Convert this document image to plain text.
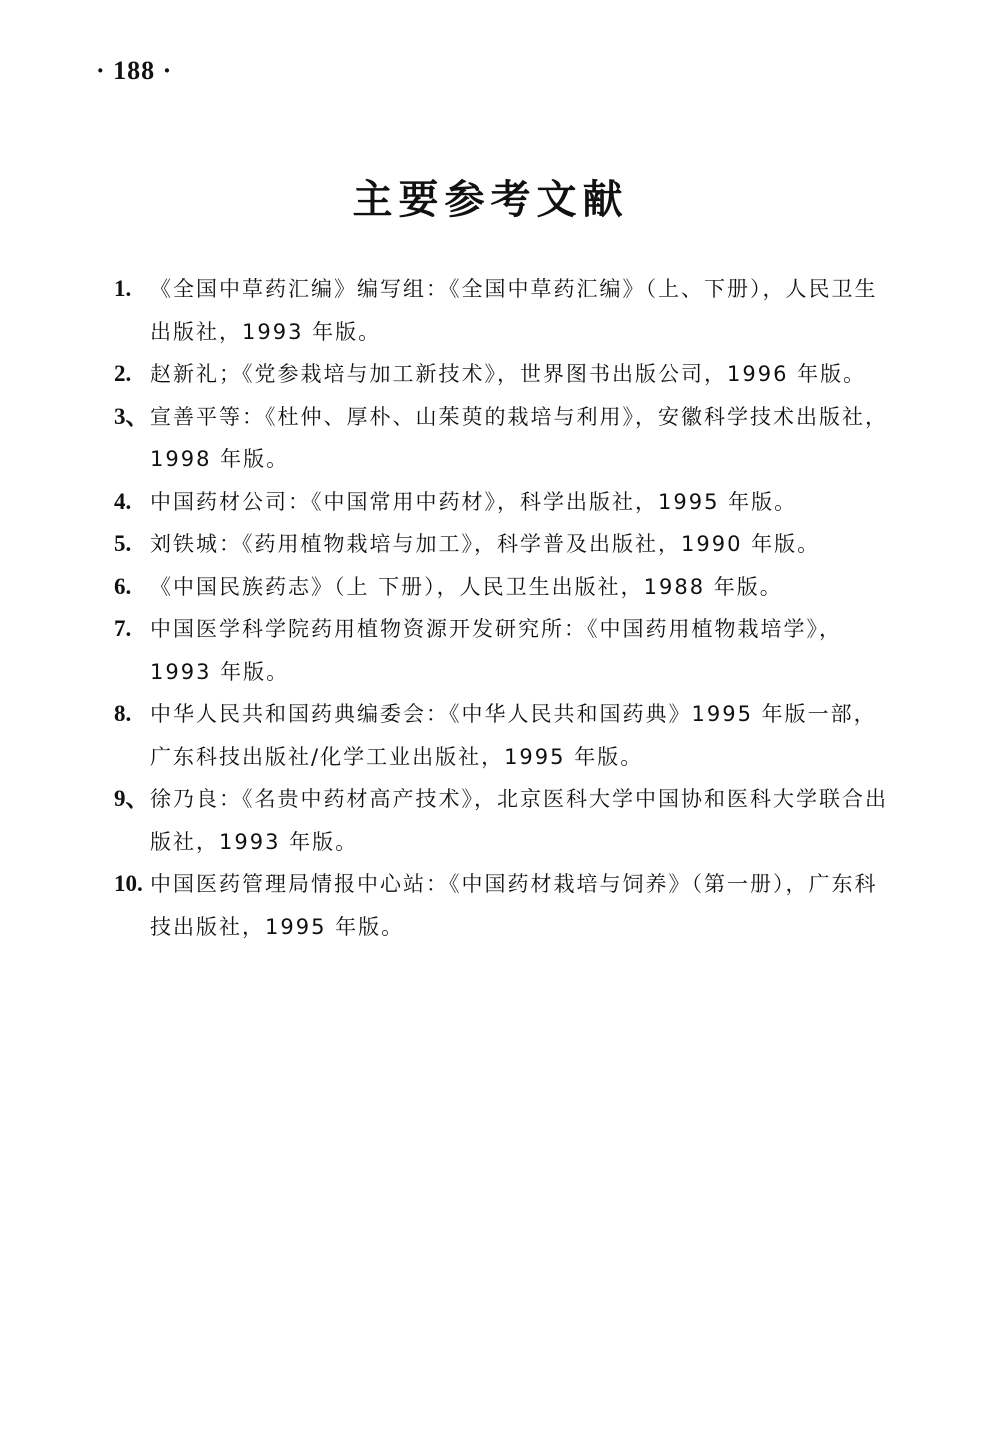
· 188 ·
主要参考文献
1. 《全国中草药汇编》编写组：《全国中草药汇编》（上、下册），人民卫生出版社，1993 年版。
2. 赵新礼；《党参栽培与加工新技术》，世界图书出版公司，1996 年版。
3、 宣善平等：《杜仲、厚朴、山茱萸的栽培与利用》，安徽科学技术出版社，1998 年版。
4. 中国药材公司：《中国常用中药材》，科学出版社，1995 年版。
5. 刘铁城：《药用植物栽培与加工》，科学普及出版社，1990 年版。
6. 《中国民族药志》（上 下册），人民卫生出版社，1988 年版。
7. 中国医学科学院药用植物资源开发研究所：《中国药用植物栽培学》，1993 年版。
8. 中华人民共和国药典编委会：《中华人民共和国药典》1995 年版一部，广东科技出版社/化学工业出版社，1995 年版。
9、 徐乃良：《名贵中药材高产技术》，北京医科大学中国协和医科大学联合出版社，1993 年版。
10. 中国医药管理局情报中心站：《中国药材栽培与饲养》（第一册），广东科技出版社，1995 年版。
